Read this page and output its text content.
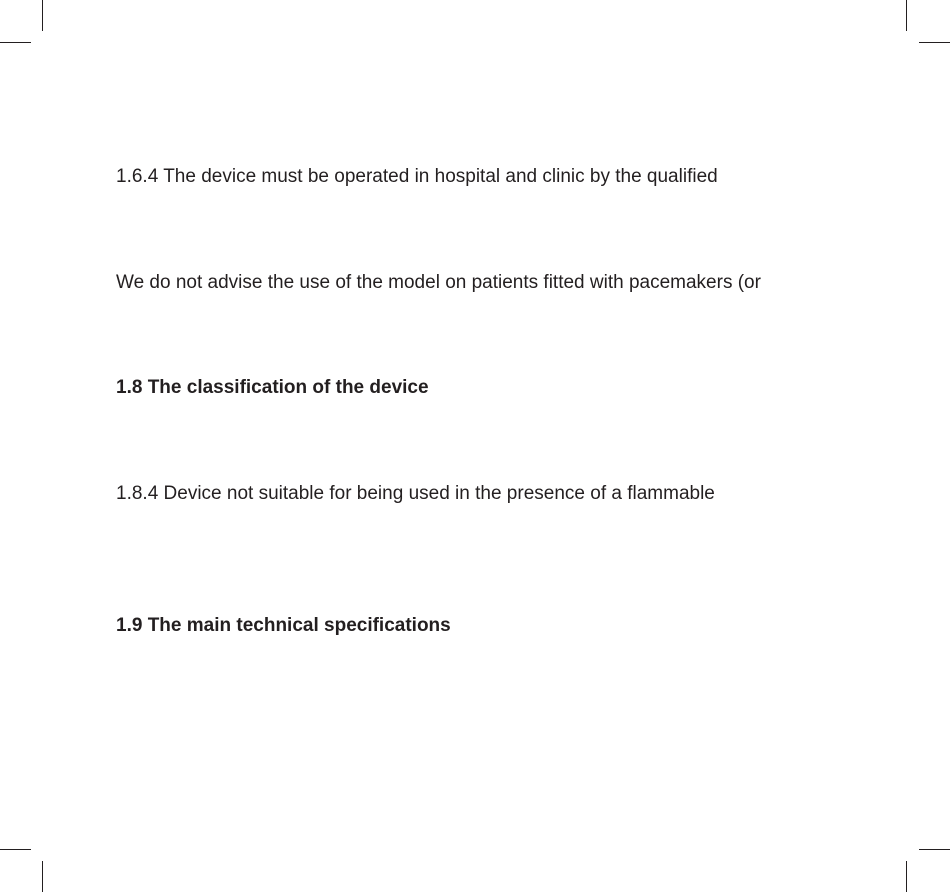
1.6.4 The device must be operated in hospital and clinic by the qualified
We do not advise the use of the model on patients fitted with pacemakers (or
1.8 The classification of the device
1.8.4 Device not suitable for being used in the presence of a flammable
1.9 The main technical specifications
